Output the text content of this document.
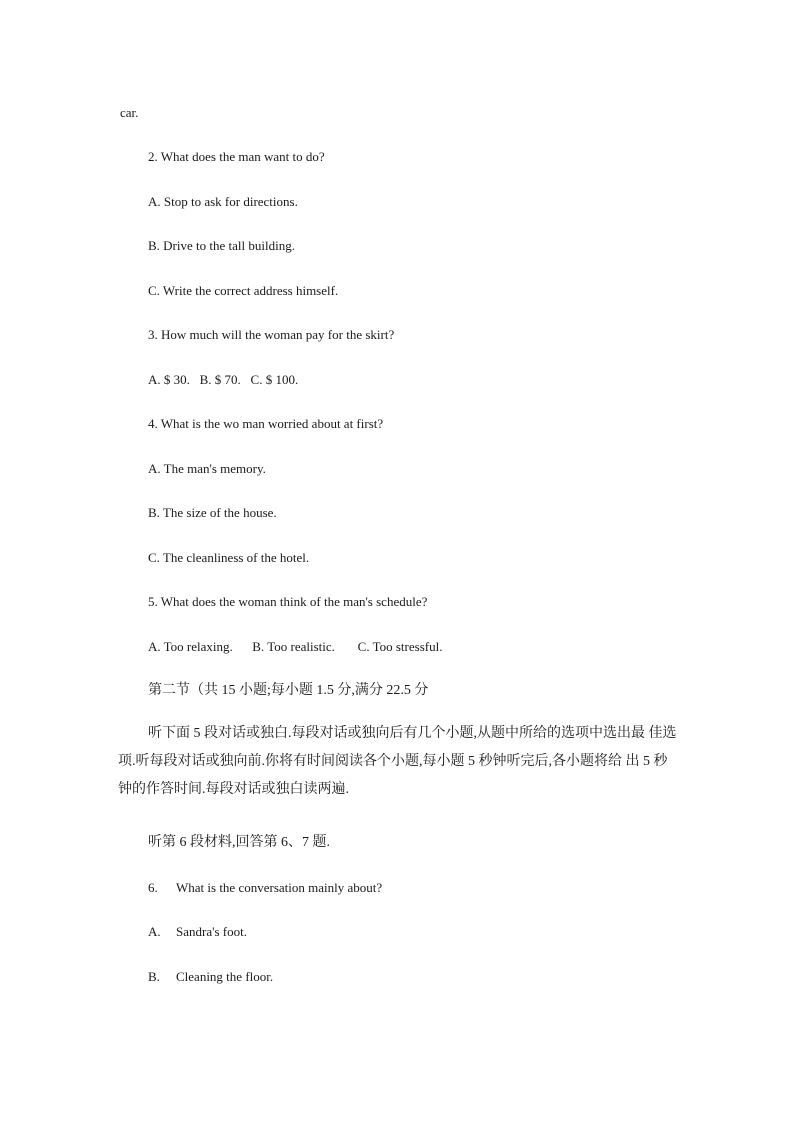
car.
2. What does the man want to do?
A. Stop to ask for directions.
B. Drive to the tall building.
C. Write the correct address himself.
3. How much will the woman pay for the skirt?
A. $ 30.   B. $ 70.   C. $ 100.
4. What is the wo man worried about at first?
A. The man's memory.
B. The size of the house.
C. The cleanliness of the hotel.
5. What does the woman think of the man's schedule?
A. Too relaxing.      B. Too realistic.       C. Too stressful.
第二节（共 15 小题;每小题 1.5 分,满分 22.5 分
听下面 5 段对话或独白.每段对话或独向后有几个小题,从题中所给的选项中选出最 佳选项.听每段对话或独向前.你将有时间阅读各个小题,每小题 5 秒钟听完后,各小题将给 出 5 秒钟的作答时间.每段对话或独白读两遍.
听第 6 段材料,回答第 6、7 题.
6. What is the conversation mainly about?
A. Sandra's foot.
B. Cleaning the floor.
